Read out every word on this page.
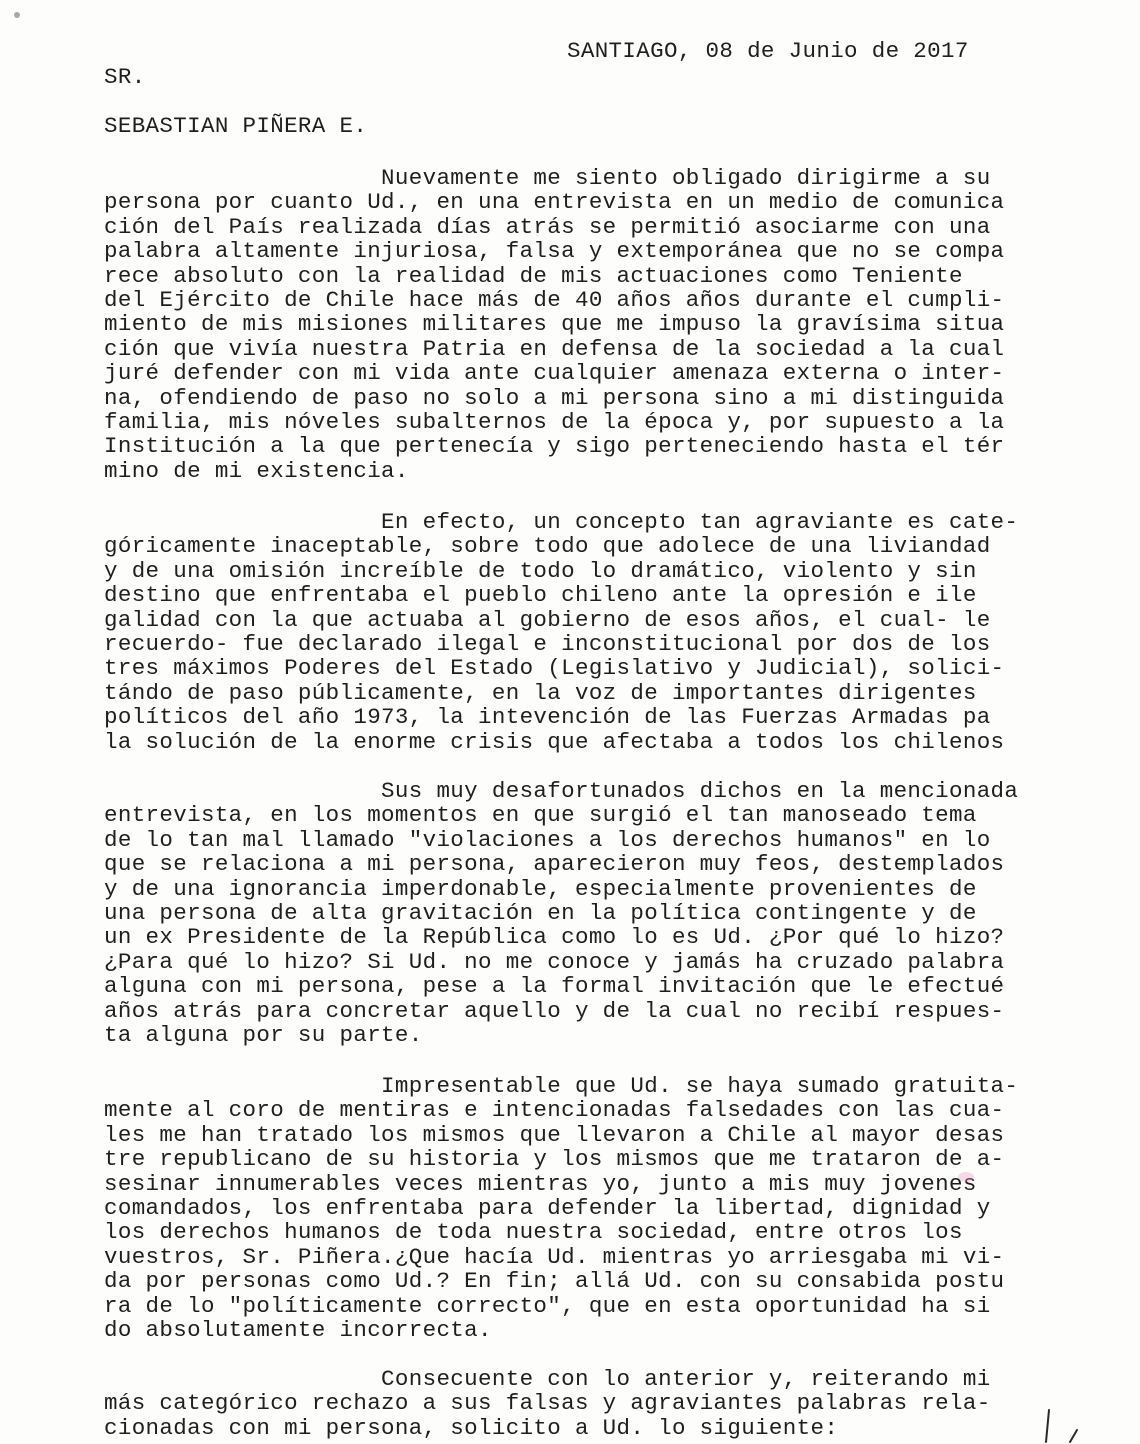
SANTIAGO, 08 de Junio de 2017
SR.
SEBASTIAN PIÑERA E.
Nuevamente me siento obligado dirigirme a su
persona por cuanto Ud., en una entrevista en un medio de comunica
ción del País realizada días atrás se permitió asociarme con una
palabra altamente injuriosa, falsa y extemporánea que no se compa
rece absoluto con la realidad de mis actuaciones como Teniente
del Ejército de Chile hace más de 40 años años durante el cumpli-
miento de mis misiones militares que me impuso la gravísima situa
ción que vivía nuestra Patria en defensa de la sociedad a la cual
juré defender con mi vida ante cualquier amenaza externa o inter-
na, ofendiendo de paso no solo a mi persona sino a mi distinguida
familia, mis nóveles subalternos de la época y, por supuesto a la
Institución a la que pertenecía y sigo perteneciendo hasta el tér
mino de mi existencia.
En efecto, un concepto tan agraviante es cate-
góricamente inaceptable, sobre todo que adolece de una liviandad
y de una omisión increíble de todo lo dramático, violento y sin
destino que enfrentaba el pueblo chileno ante la opresión e ile
galidad con la que actuaba al gobierno de esos años, el cual- le
recuerdo- fue declarado ilegal e inconstitucional por dos de los
tres máximos Poderes del Estado (Legislativo y Judicial), solici-
tándo de paso públicamente, en la voz de importantes dirigentes
políticos del año 1973, la intevención de las Fuerzas Armadas pa
la solución de la enorme crisis que afectaba a todos los chilenos
Sus muy desafortunados dichos en la mencionada
entrevista, en los momentos en que surgió el tan manoseado tema
de lo tan mal llamado "violaciones a los derechos humanos" en lo
que se relaciona a mi persona, aparecieron muy feos, destemplados
y de una ignorancia imperdonable, especialmente provenientes de
una persona de alta gravitación en la política contingente y de
un ex Presidente de la República como lo es Ud. ¿Por qué lo hizo?
¿Para qué lo hizo? Si Ud. no me conoce y jamás ha cruzado palabra
alguna con mi persona, pese a la formal invitación que le efectué
años atrás para concretar aquello y de la cual no recibí respues-
ta alguna por su parte.
Impresentable que Ud. se haya sumado gratuita-
mente al coro de mentiras e intencionadas falsedades con las cua-
les me han tratado los mismos que llevaron a Chile al mayor desas
tre republicano de su historia y los mismos que me trataron de a-
sesinar innumerables veces mientras yo, junto a mis muy jovenes
comandados, los enfrentaba para defender la libertad, dignidad y
los derechos humanos de toda nuestra sociedad, entre otros los
vuestros, Sr. Piñera.¿Que hacía Ud. mientras yo arriesgaba mi vi-
da por personas como Ud.? En fin; allá Ud. con su consabida postu
ra de lo "políticamente correcto", que en esta oportunidad ha si
do absolutamente incorrecta.
Consecuente con lo anterior y, reiterando mi
más categórico rechazo a sus falsas y agraviantes palabras rela-
cionadas con mi persona, solicito a Ud. lo siguiente:
